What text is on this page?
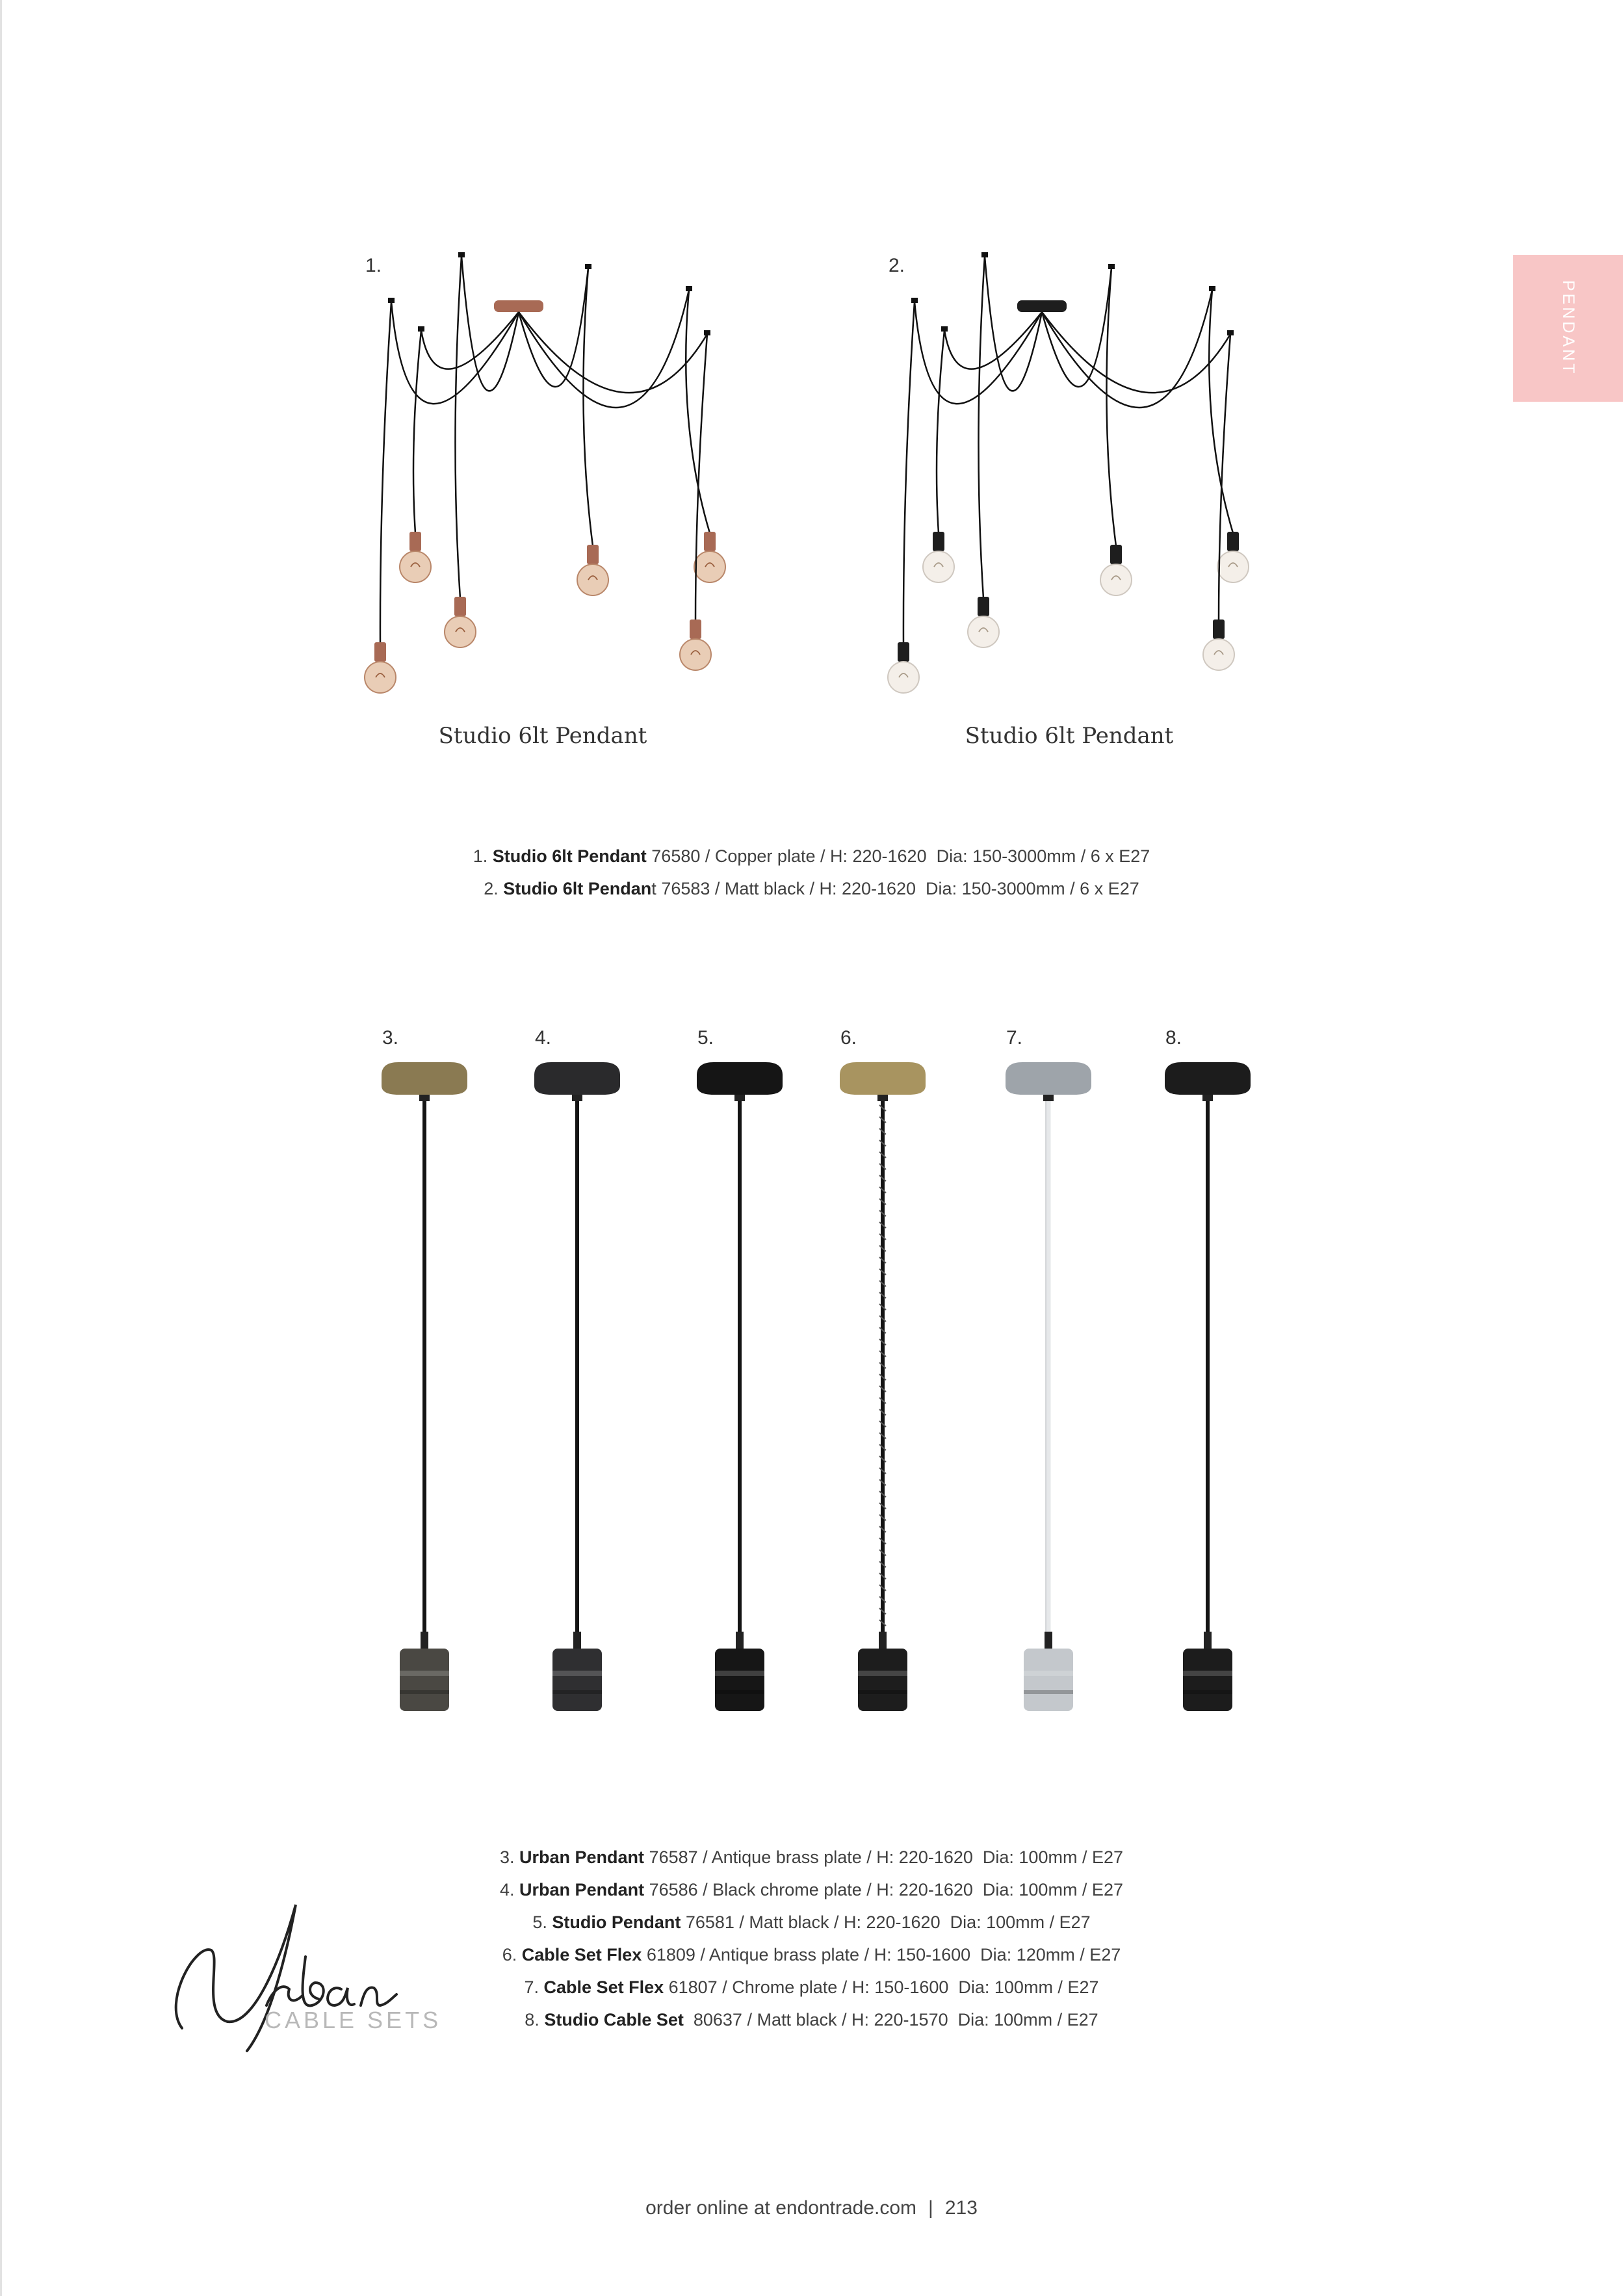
PENDANT
1.
Studio 6lt Pendant
2.
Studio 6lt Pendant
1. Studio 6lt Pendant 76580 / Copper plate / H: 220-1620  Dia: 150-3000mm / 6 x E27
2. Studio 6lt Pendant 76583 / Matt black / H: 220-1620  Dia: 150-3000mm / 6 x E27
3.	4.	5.	6.	7.	8.
3. Urban Pendant 76587 / Antique brass plate / H: 220-1620  Dia: 100mm / E27
4. Urban Pendant 76586 / Black chrome plate / H: 220-1620  Dia: 100mm / E27
5. Studio Pendant 76581 / Matt black / H: 220-1620  Dia: 100mm / E27
6. Cable Set Flex 61809 / Antique brass plate / H: 150-1600  Dia: 120mm / E27
7. Cable Set Flex 61807 / Chrome plate / H: 150-1600  Dia: 100mm / E27
8. Studio Cable Set  80637 / Matt black / H: 220-1570  Dia: 100mm / E27
Urban
CABLE SETS
order online at endontrade.com | 213
